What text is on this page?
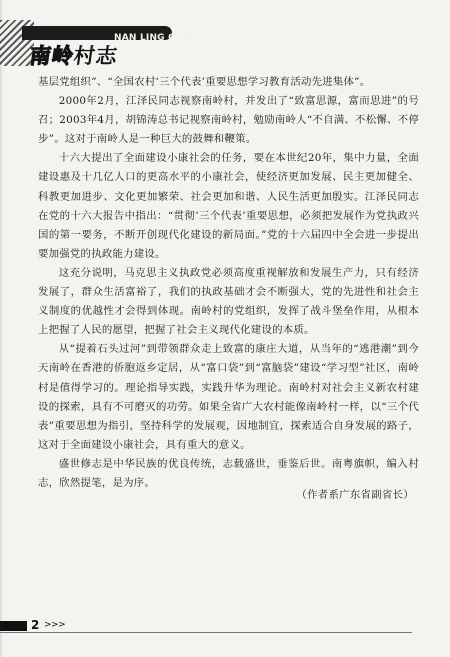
NAN LING CUN ZHI
南岭村志

基层党组织”、“全国农村‘三个代表’重要思想学习教育活动先进集体”。

2000年2月，江泽民同志视察南岭村，并发出了“致富思源，富而思进”的号召；2003年4月，胡锦涛总书记视察南岭村，勉励南岭人“不自满、不松懈、不停步”。这对于南岭人是一种巨大的鼓舞和鞭策。

十六大提出了全面建设小康社会的任务，要在本世纪20年，集中力量，全面建设惠及十几亿人口的更高水平的小康社会，使经济更加发展、民主更加健全、科教更加进步、文化更加繁荣、社会更加和谐、人民生活更加殷实。江泽民同志在党的十六大报告中指出：“贯彻‘三个代表’重要思想，必须把发展作为党执政兴国的第一要务，不断开创现代化建设的新局面。”党的十六届四中全会进一步提出要加强党的执政能力建设。

这充分说明，马克思主义执政党必须高度重视解放和发展生产力，只有经济发展了，群众生活富裕了，我们的执政基础才会不断强大，党的先进性和社会主义制度的优越性才会得到体现。南岭村的党组织，发挥了战斗堡垒作用，从根本上把握了人民的愿望，把握了社会主义现代化建设的本质。

从“提着石头过河”到带领群众走上致富的康庄大道，从当年的“逃港潮”到今天南岭在香港的侨胞返乡定居，从“富口袋”到“富脑袋”建设“学习型”社区，南岭村是值得学习的。理论指导实践，实践升华为理论。南岭村对社会主义新农村建设的探索，具有不可磨灭的功劳。如果全省广大农村能像南岭村一样，以“三个代表”重要思想为指引，坚持科学的发展观，因地制宜，探索适合自身发展的路子，这对于全面建设小康社会，具有重大的意义。

盛世修志是中华民族的优良传统，志载盛世，垂鉴后世。南粤旗帜，编入村志，欣然提笔，是为序。

（作者系广东省副省长）
2 >>>
